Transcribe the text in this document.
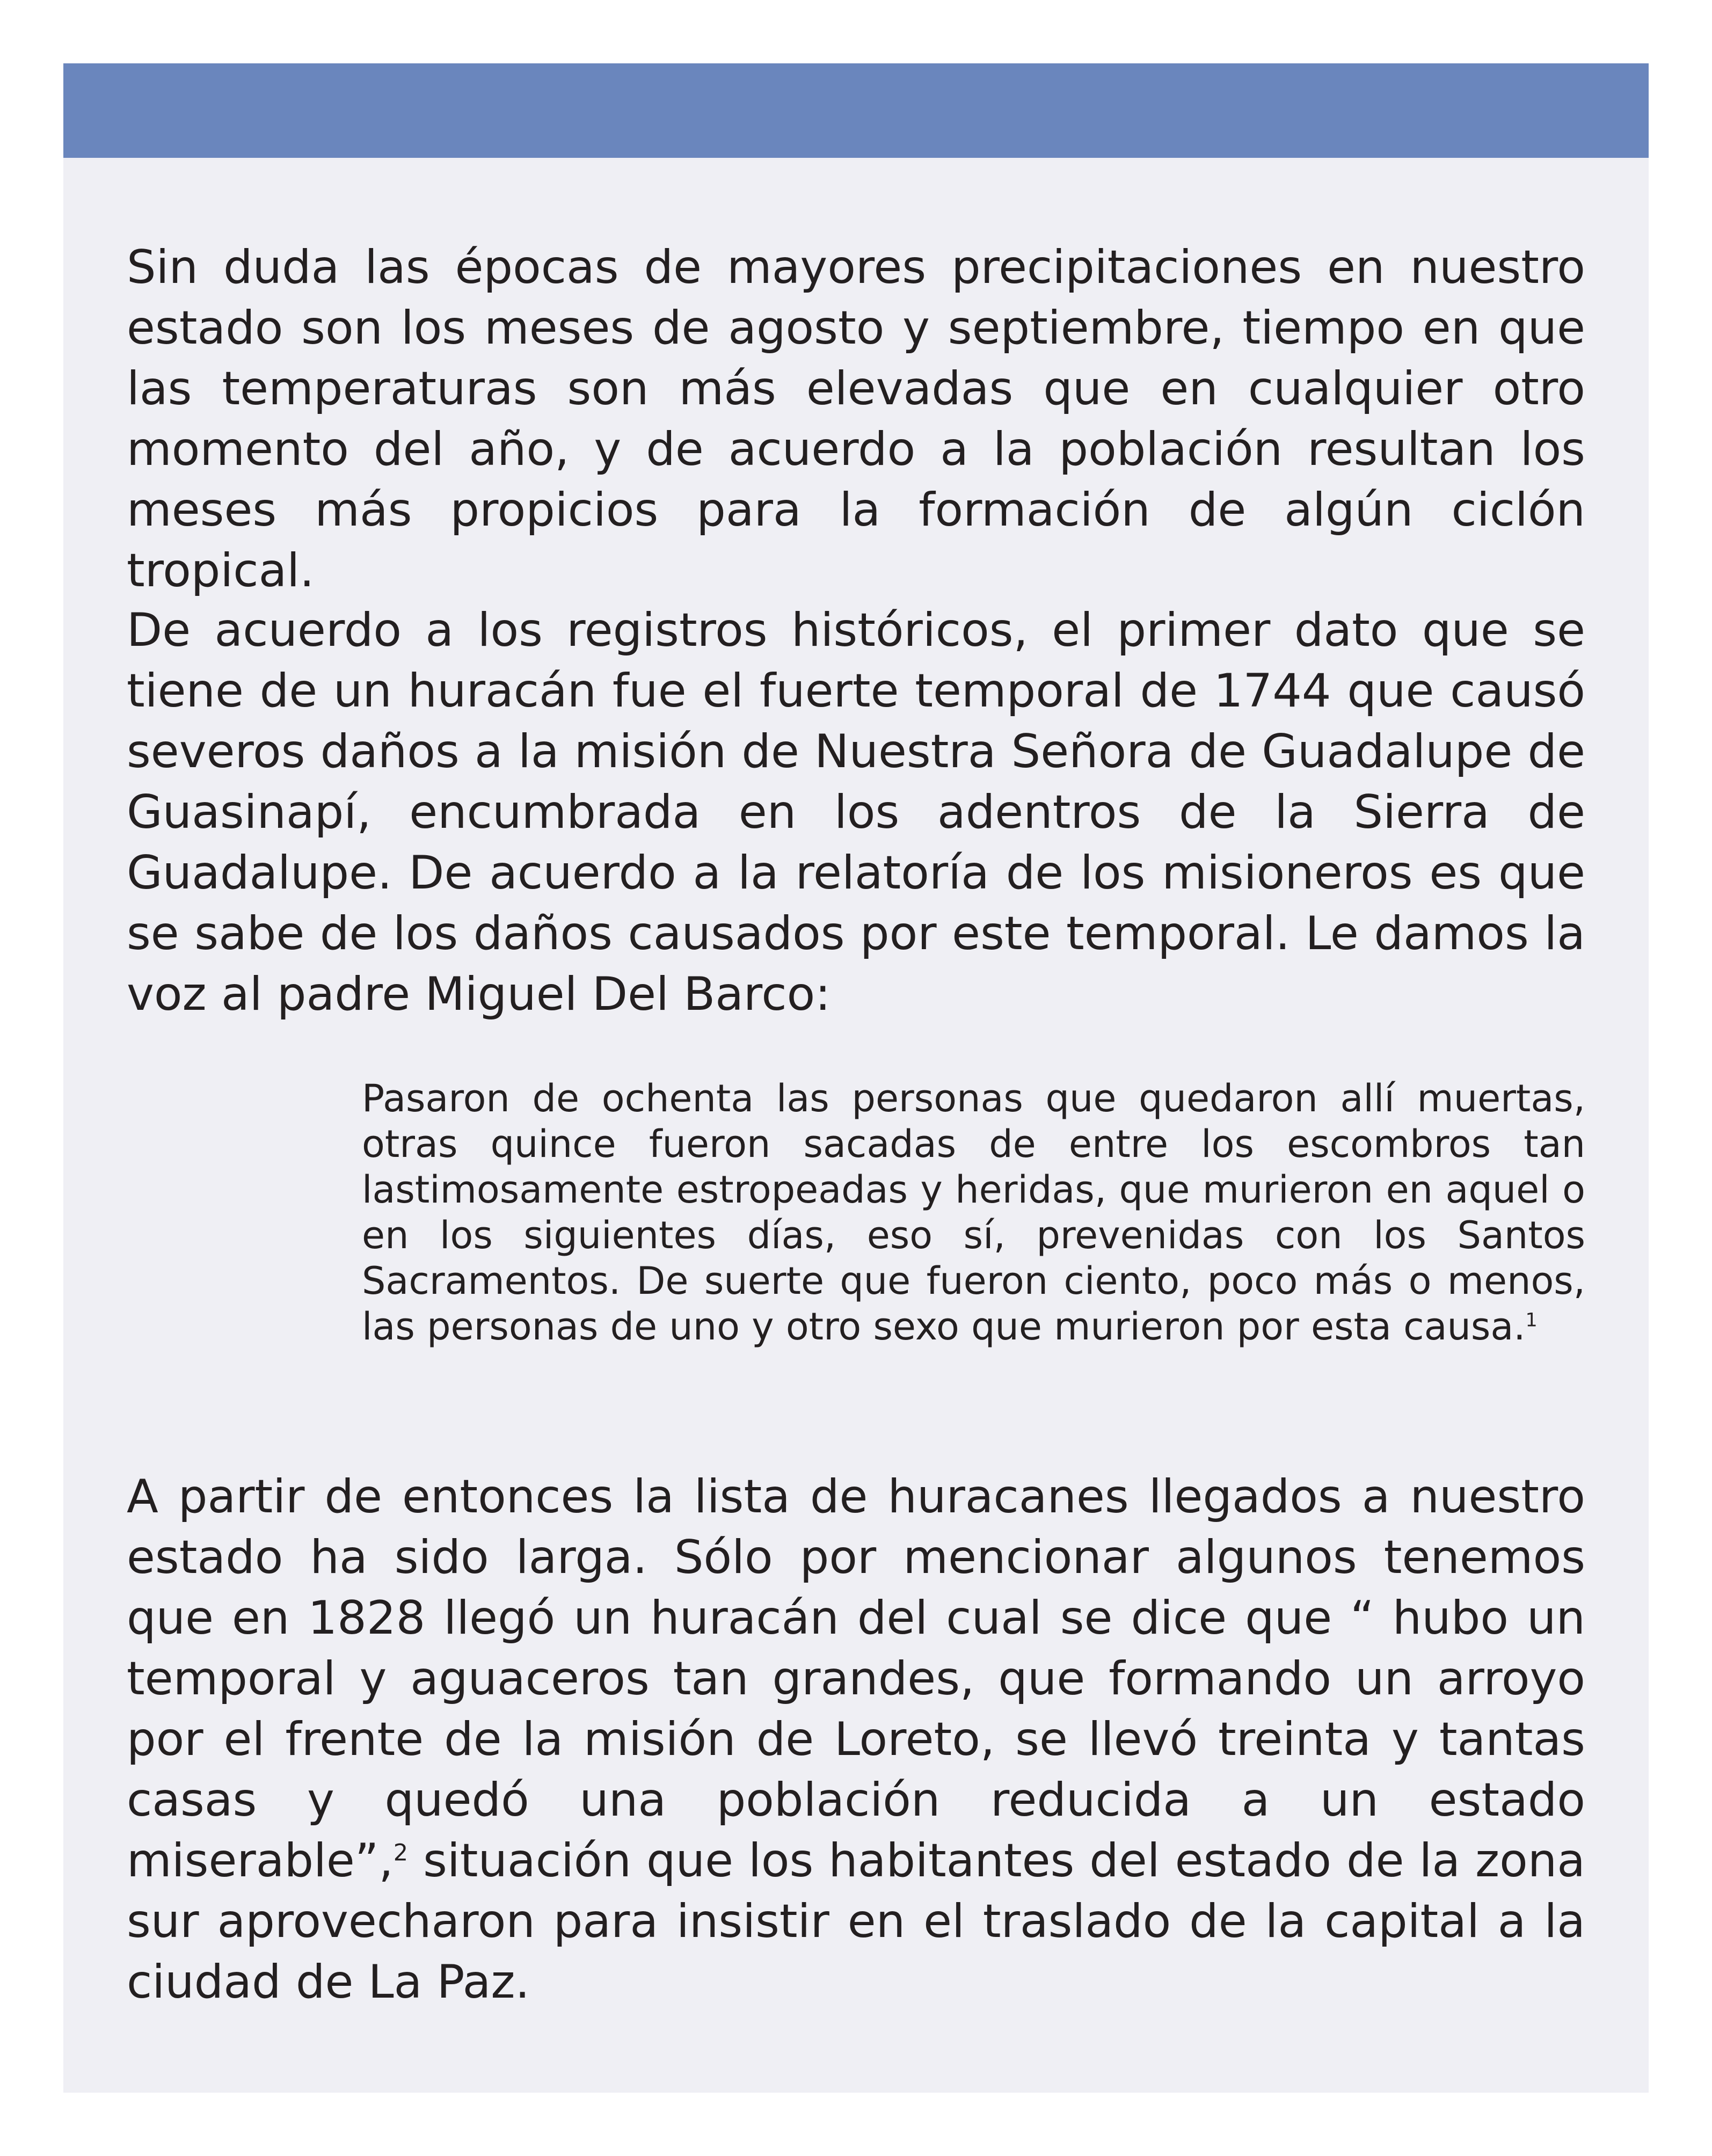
Sin duda las épocas de mayores precipitaciones en nuestro estado son los meses de agosto y septiembre, tiempo en que las temperaturas son más elevadas que en cualquier otro momento del año, y de acuerdo a la población resultan los meses más propicios para la formación de algún ciclón tropical.

De acuerdo a los registros históricos, el primer dato que se tiene de un huracán fue el fuerte temporal de 1744 que causó severos daños a la misión de Nuestra Señora de Guadalupe de Guasinapí, encumbrada en los adentros de la Sierra de Guadalupe. De acuerdo a la relatoría de los misioneros es que se sabe de los daños causados por este temporal. Le damos la voz al padre Miguel Del Barco:

Pasaron de ochenta las personas que quedaron allí muertas, otras quince fueron sacadas de entre los escombros tan lastimosamente estropeadas y heridas, que murieron en aquel o en los siguientes días, eso sí, prevenidas con los Santos Sacramentos. De suerte que fueron ciento, poco más o menos, las personas de uno y otro sexo que murieron por esta causa.$^1$

A partir de entonces la lista de huracanes llegados a nuestro estado ha sido larga. Sólo por mencionar algunos tenemos que en 1828 llegó un huracán del cual se dice que “ hubo un temporal y aguaceros tan grandes, que formando un arroyo por el frente de la misión de Loreto, se llevó treinta y tantas casas y quedó una población reducida a un estado miserable”,$^2$ situación que los habitantes del estado de la zona sur aprovecharon para insistir en el traslado de la capital a la ciudad de La Paz.
